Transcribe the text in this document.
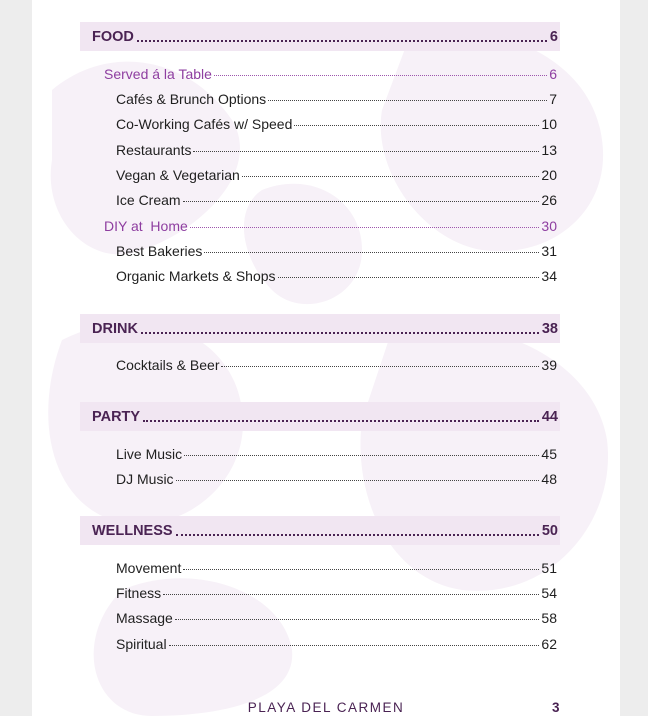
FOOD	6
Served á la Table	6
Cafés & Brunch Options	7
Co-Working Cafés w/ Speed	10
Restaurants	13
Vegan & Vegetarian	20
Ice Cream	26
DIY at  Home	30
Best Bakeries	31
Organic Markets & Shops	34
DRINK	38
Cocktails & Beer	39
PARTY	44
Live Music	45
DJ Music	48
WELLNESS	50
Movement	51
Fitness	54
Massage	58
Spiritual	62
PLAYA DEL CARMEN	3
